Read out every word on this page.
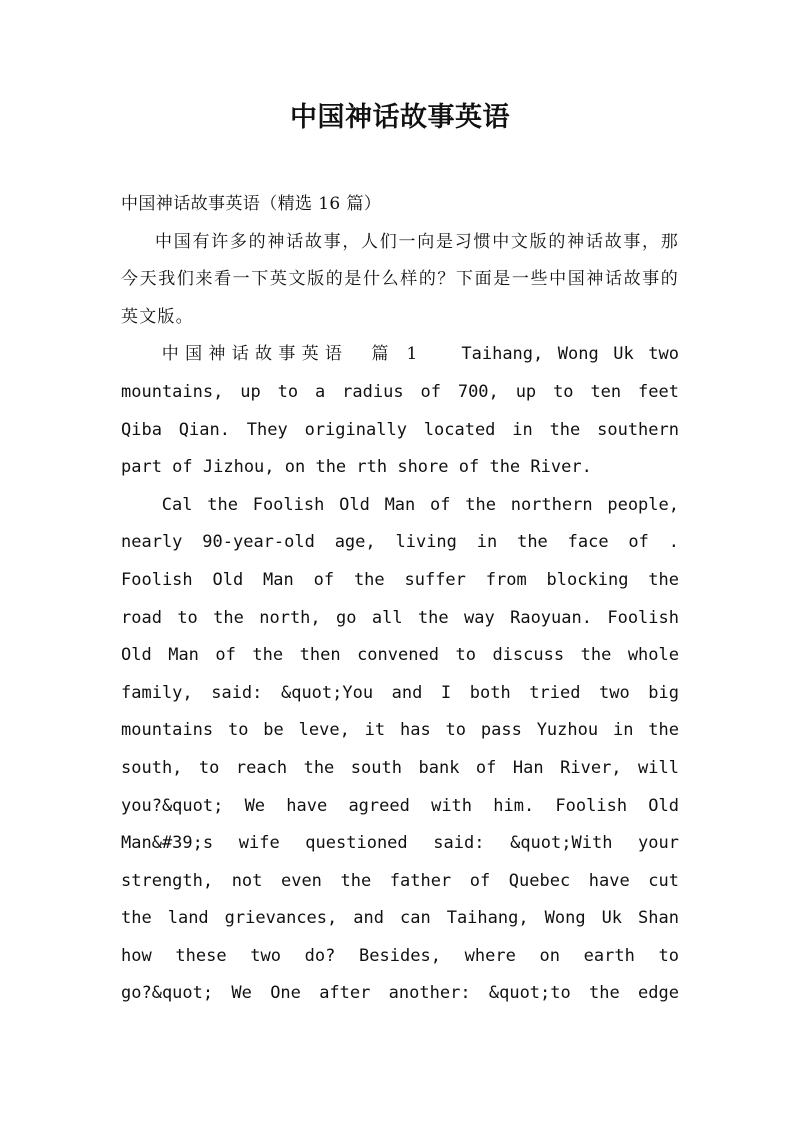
中国神话故事英语

中国神话故事英语（精选 16 篇）

中国有许多的神话故事，人们一向是习惯中文版的神话故事，那今天我们来看一下英文版的是什么样的？下面是一些中国神话故事的英文版。

中国神话故事英语　篇 1 Taihang, Wong Uk two
mountains, up to a radius of 700, up to ten feet
Qiba Qian. They originally located in the southern
part of Jizhou, on the rth shore of the River.

Cal the Foolish Old Man of the northern people,
nearly 90-year-old age, living in the face of .
Foolish Old Man of the suffer from blocking the
road to the north, go all the way Raoyuan. Foolish
Old Man of the then convened to discuss the whole
family, said: &quot;You and I both tried two big
mountains to be leve, it has to pass Yuzhou in the
south, to reach the south bank of Han River, will
you?&quot; We have agreed with him. Foolish Old
Man&#39;s wife questioned said: &quot;With your
strength, not even the father of Quebec have cut
the land grievances, and can Taihang, Wong Uk Shan
how these two do? Besides, where on earth to
go?&quot; We One after another: &quot;to the edge
